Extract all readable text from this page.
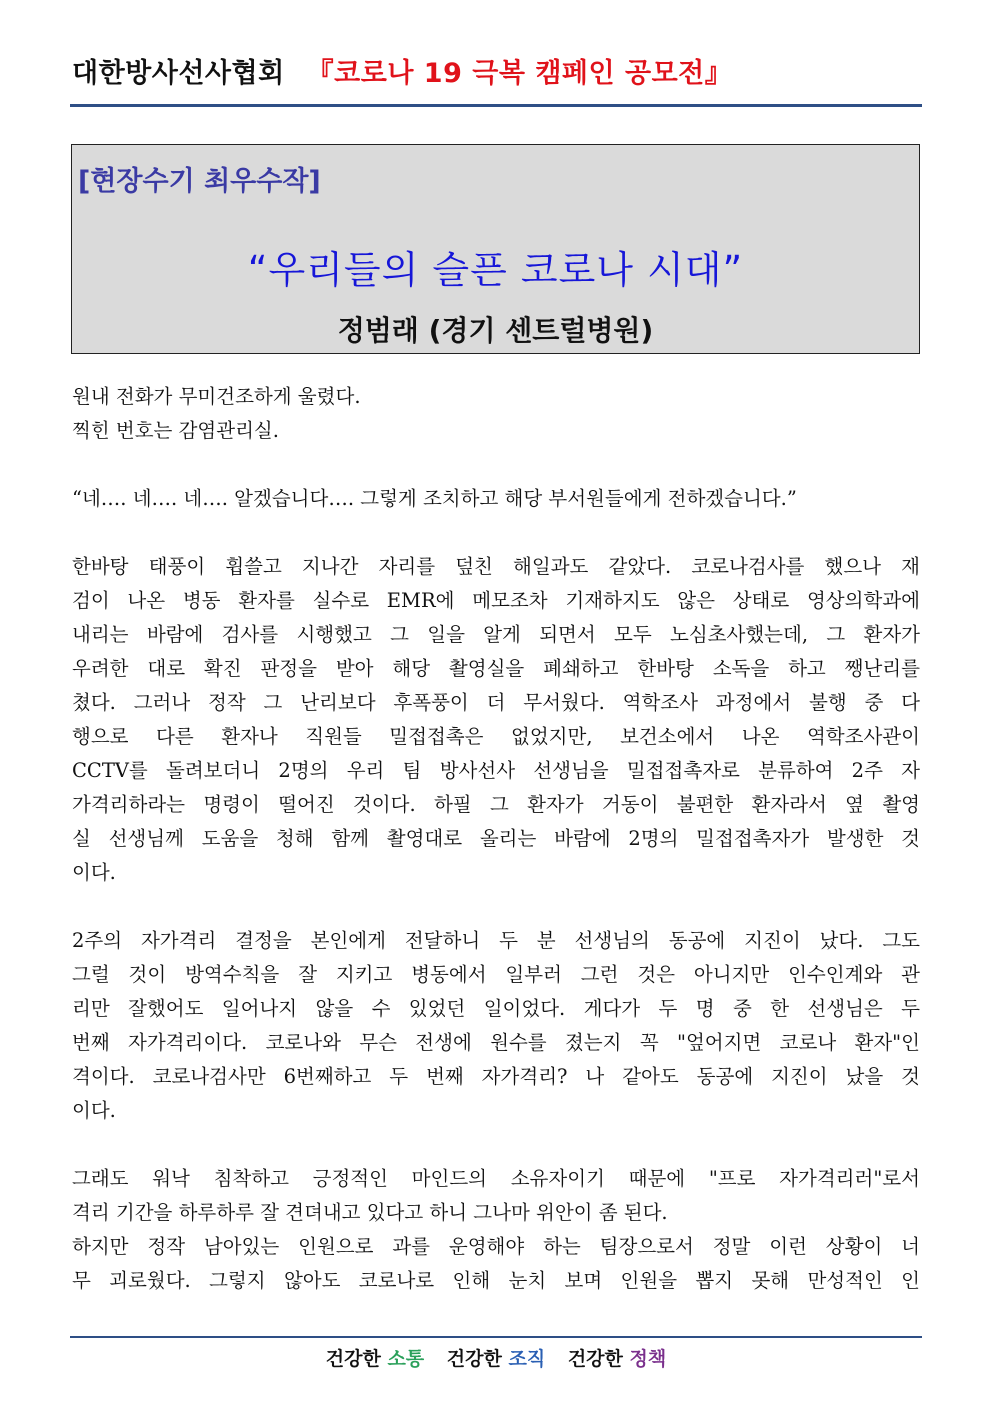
대한방사선사협회 『코로나 19 극복 캠페인 공모전』
[현장수기 최우수작]
“우리들의 슬픈 코로나 시대”
정범래 (경기 센트럴병원)
원내 전화가 무미건조하게 울렸다.
찍힌 번호는 감염관리실.
“네…. 네…. 네…. 알겠습니다…. 그렇게 조치하고 해당 부서원들에게 전하겠습니다.”
한바탕 태풍이 휩쓸고 지나간 자리를 덮친 해일과도 같았다. 코로나검사를 했으나 재
검이 나온 병동 환자를 실수로 EMR에 메모조차 기재하지도 않은 상태로 영상의학과에
내리는 바람에 검사를 시행했고 그 일을 알게 되면서 모두 노심초사했는데, 그 환자가
우려한 대로 확진 판정을 받아 해당 촬영실을 폐쇄하고 한바탕 소독을 하고 쨍난리를
쳤다. 그러나 정작 그 난리보다 후폭풍이 더 무서웠다. 역학조사 과정에서 불행 중 다
행으로 다른 환자나 직원들 밀접접촉은 없었지만, 보건소에서 나온 역학조사관이
CCTV를 돌려보더니 2명의 우리 팀 방사선사 선생님을 밀접접촉자로 분류하여 2주 자
가격리하라는 명령이 떨어진 것이다. 하필 그 환자가 거동이 불편한 환자라서 옆 촬영
실 선생님께 도움을 청해 함께 촬영대로 올리는 바람에 2명의 밀접접촉자가 발생한 것
이다.
2주의 자가격리 결정을 본인에게 전달하니 두 분 선생님의 동공에 지진이 났다. 그도
그럴 것이 방역수칙을 잘 지키고 병동에서 일부러 그런 것은 아니지만 인수인계와 관
리만 잘했어도 일어나지 않을 수 있었던 일이었다. 게다가 두 명 중 한 선생님은 두
번째 자가격리이다. 코로나와 무슨 전생에 원수를 졌는지 꼭 "엎어지면 코로나 환자"인
격이다. 코로나검사만 6번째하고 두 번째 자가격리? 나 같아도 동공에 지진이 났을 것
이다.
그래도 워낙 침착하고 긍정적인 마인드의 소유자이기 때문에 "프로 자가격리러"로서
격리 기간을 하루하루 잘 견뎌내고 있다고 하니 그나마 위안이 좀 된다.
하지만 정작 남아있는 인원으로 과를 운영해야 하는 팀장으로서 정말 이런 상황이 너
무 괴로웠다. 그렇지 않아도 코로나로 인해 눈치 보며 인원을 뽑지 못해 만성적인 인
건강한 소통 건강한 조직 건강한 정책
